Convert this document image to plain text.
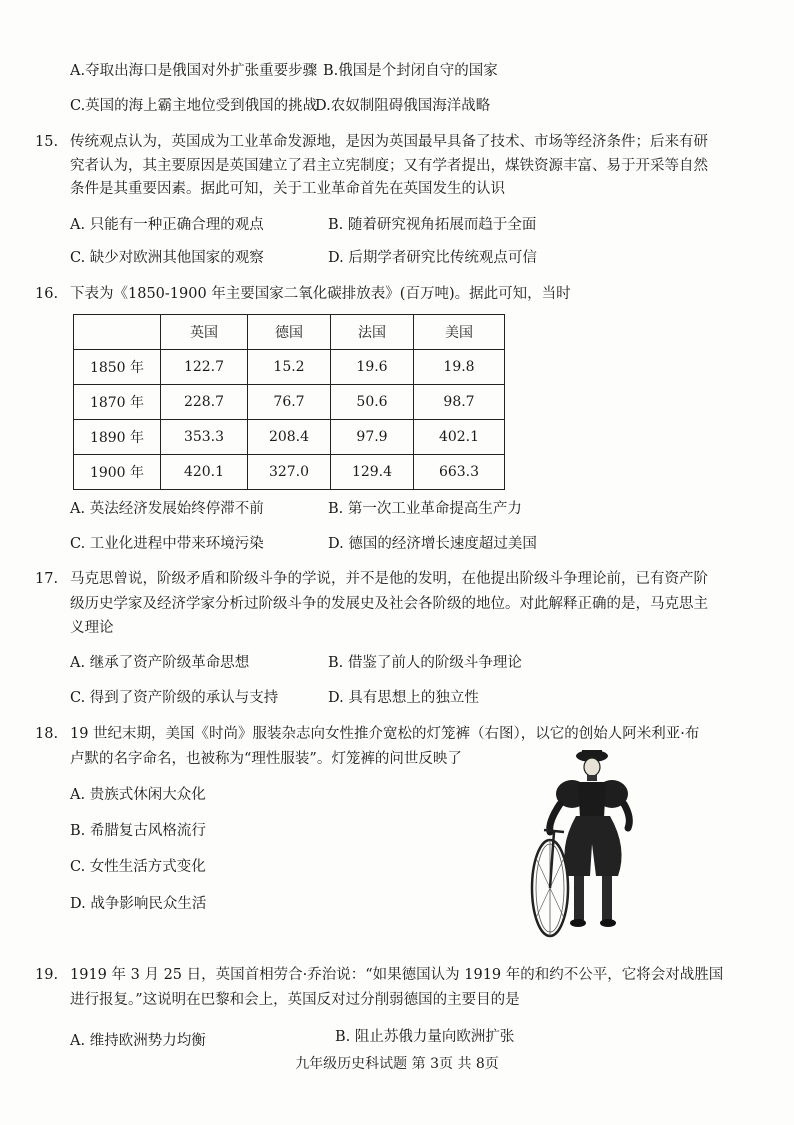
A.夺取出海口是俄国对外扩张重要步骤 B.俄国是个封闭自守的国家
C.英国的海上霸主地位受到俄国的挑战
D.农奴制阻碍俄国海洋战略
15. 传统观点认为，英国成为工业革命发源地，是因为英国最早具备了技术、市场等经济条件；后来有研
究者认为，其主要原因是英国建立了君主立宪制度；又有学者提出，煤铁资源丰富、易于开采等自然
条件是其重要因素。据此可知，关于工业革命首先在英国发生的认识
A. 只能有一种正确合理的观点	B. 随着研究视角拓展而趋于全面
C. 缺少对欧洲其他国家的观察	D. 后期学者研究比传统观点可信
16. 下表为《1850-1900 年主要国家二氧化碳排放表》(百万吨)。据此可知，当时
	英国	德国	法国	美国
1850 年	122.7	15.2	19.6	19.8
1870 年	228.7	76.7	50.6	98.7
1890 年	353.3	208.4	97.9	402.1
1900 年	420.1	327.0	129.4	663.3
A. 英法经济发展始终停滞不前	B. 第一次工业革命提高生产力
C. 工业化进程中带来环境污染	D. 德国的经济增长速度超过美国
17. 马克思曾说，阶级矛盾和阶级斗争的学说，并不是他的发明，在他提出阶级斗争理论前，已有资产阶
级历史学家及经济学家分析过阶级斗争的发展史及社会各阶级的地位。对此解释正确的是，马克思主
义理论
A. 继承了资产阶级革命思想	B. 借鉴了前人的阶级斗争理论
C. 得到了资产阶级的承认与支持	D. 具有思想上的独立性
18. 19 世纪末期，美国《时尚》服装杂志向女性推介宽松的灯笼裤（右图），以它的创始人阿米利亚·布
卢默的名字命名，也被称为“理性服装”。灯笼裤的问世反映了
A. 贵族式休闲大众化
B. 希腊复古风格流行
C. 女性生活方式变化
D. 战争影响民众生活
19. 1919 年 3 月 25 日，英国首相劳合·乔治说：“如果德国认为 1919 年的和约不公平，它将会对战胜国
进行报复。”这说明在巴黎和会上，英国反对过分削弱德国的主要目的是
A. 维持欧洲势力均衡	B. 阻止苏俄力量向欧洲扩张
九年级历史科试题 第 3页 共 8页
